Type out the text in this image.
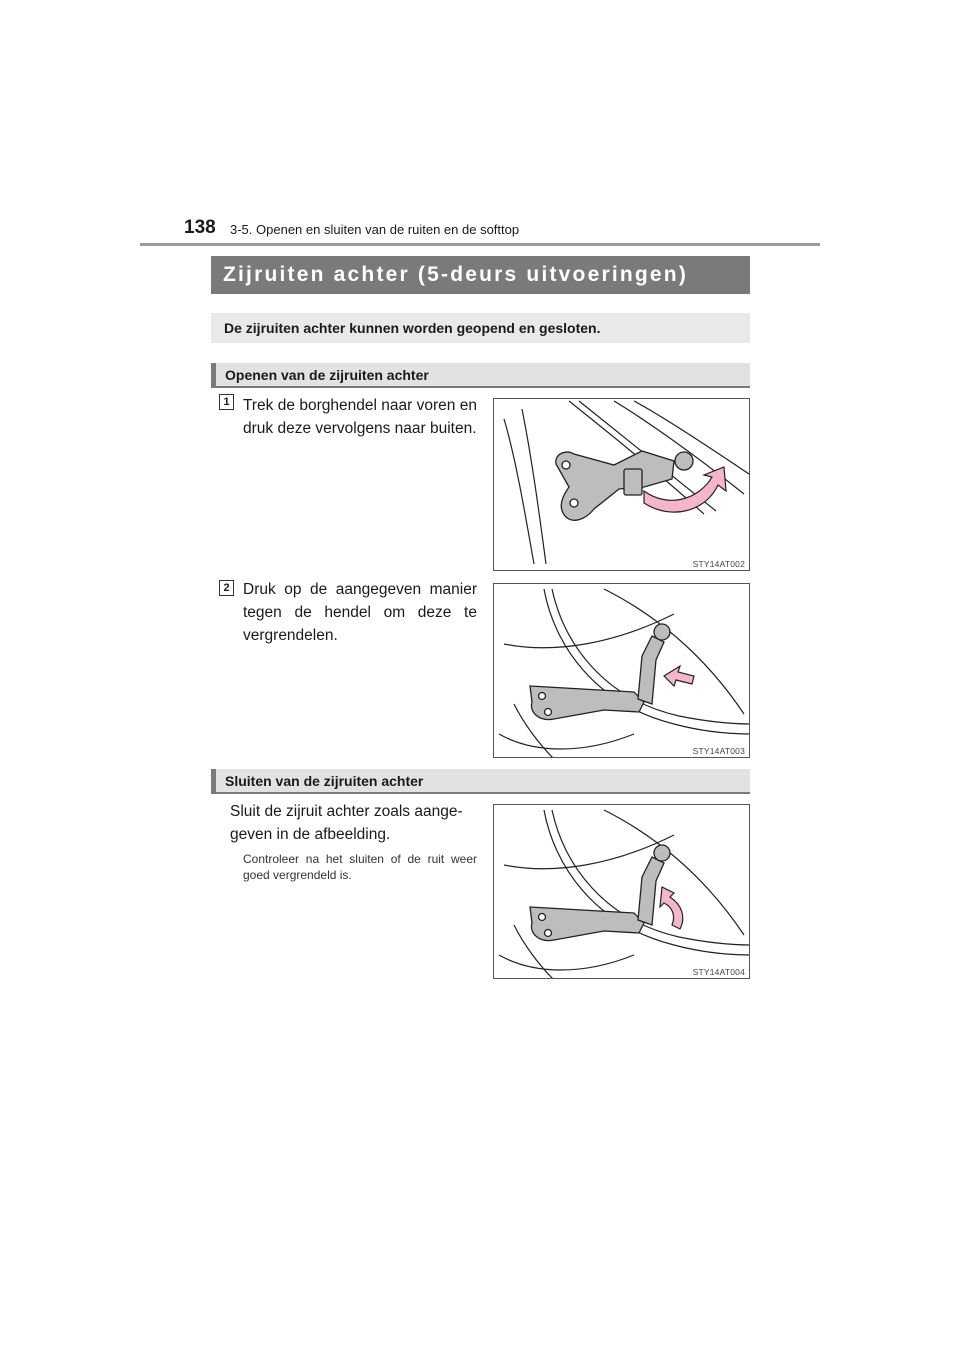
138 3-5. Openen en sluiten van de ruiten en de softtop
Zijruiten achter (5-deurs uitvoeringen)
De zijruiten achter kunnen worden geopend en gesloten.
Openen van de zijruiten achter
1 Trek de borghendel naar voren en druk deze vervolgens naar buiten.
STY14AT002
2 Druk op de aangegeven manier tegen de hendel om deze te vergrendelen.
STY14AT003
Sluiten van de zijruiten achter
Sluit de zijruit achter zoals aange-geven in de afbeelding.
Controleer na het sluiten of de ruit weer goed vergrendeld is.
STY14AT004
